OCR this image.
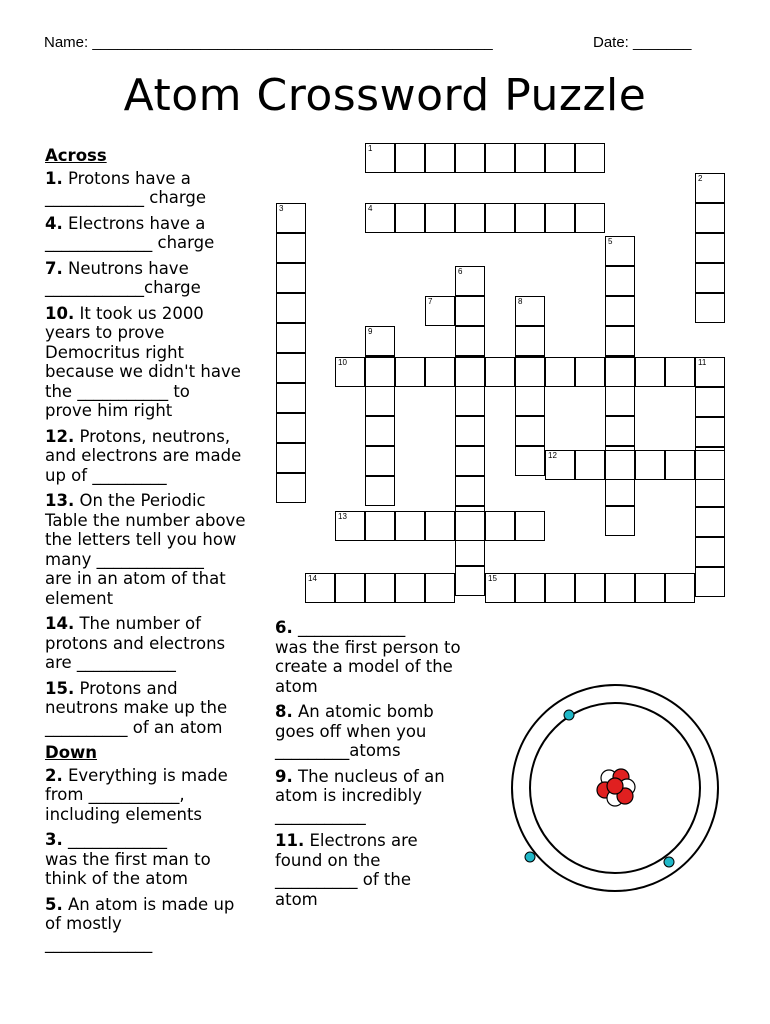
Name: ________________________________________________	Date: _______
Atom Crossword Puzzle
Across
1. Protons have a
____________ charge
4. Electrons have a
_____________ charge
7. Neutrons have
____________charge
10. It took us 2000
years to prove
Democritus right
because we didn't have
the ___________ to
prove him right
12. Protons, neutrons,
and electrons are made
up of _________
13. On the Periodic
Table the number above
the letters tell you how
many _____________
are in an atom of that
element
14. The number of
protons and electrons
are ____________
15. Protons and
neutrons make up the
__________ of an atom
Down
2. Everything is made
from ___________,
including elements
3. ____________
was the first man to
think of the atom
5. An atom is made up
of mostly
_____________
6. _____________
was the first person to
create a model of the
atom
8. An atomic bomb
goes off when you
_________atoms
9. The nucleus of an
atom is incredibly
___________
11. Electrons are
found on the
__________ of the
atom
1
2
3	4
5
6
7	8
9
10	11
12
13
14	15
